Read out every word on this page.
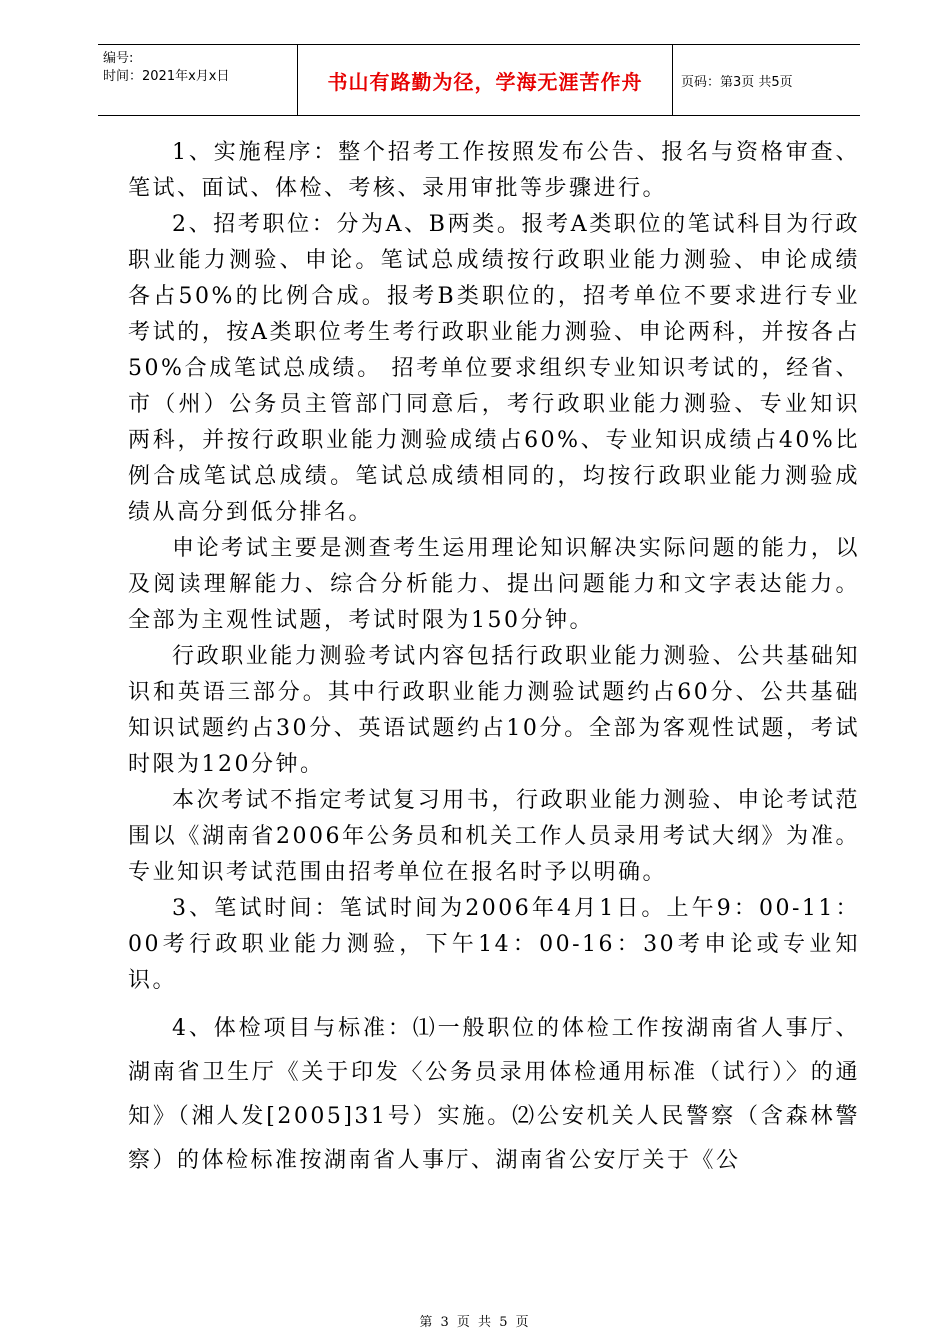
编号:
时间：2021年x月x日	书山有路勤为径，学海无涯苦作舟	页码：第3页 共5页

1、实施程序：整个招考工作按照发布公告、报名与资格审查、笔试、面试、体检、考核、录用审批等步骤进行。

2、招考职位：分为A、B两类。报考A类职位的笔试科目为行政职业能力测验、申论。笔试总成绩按行政职业能力测验、申论成绩各占50%的比例合成。报考B类职位的，招考单位不要求进行专业考试的，按A类职位考生考行政职业能力测验、申论两科，并按各占50%合成笔试总成绩。 招考单位要求组织专业知识考试的，经省、市（州）公务员主管部门同意后，考行政职业能力测验、专业知识两科，并按行政职业能力测验成绩占60%、专业知识成绩占40%比例合成笔试总成绩。笔试总成绩相同的，均按行政职业能力测验成绩从高分到低分排名。

申论考试主要是测查考生运用理论知识解决实际问题的能力，以及阅读理解能力、综合分析能力、提出问题能力和文字表达能力。全部为主观性试题，考试时限为150分钟。

行政职业能力测验考试内容包括行政职业能力测验、公共基础知识和英语三部分。其中行政职业能力测验试题约占60分、公共基础知识试题约占30分、英语试题约占10分。全部为客观性试题，考试时限为120分钟。

本次考试不指定考试复习用书，行政职业能力测验、申论考试范围以《湖南省2006年公务员和机关工作人员录用考试大纲》为准。专业知识考试范围由招考单位在报名时予以明确。

3、笔试时间：笔试时间为2006年4月1日。上午9：00-11：00考行政职业能力测验，下午14：00-16：30考申论或专业知识。

4、体检项目与标准：⑴一般职位的体检工作按湖南省人事厅、湖南省卫生厅《关于印发〈公务员录用体检通用标准（试行）〉的通知》（湘人发[2005]31号）实施。⑵公安机关人民警察（含森林警察）的体检标准按湖南省人事厅、湖南省公安厅关于《公

第 3 页 共 5 页
